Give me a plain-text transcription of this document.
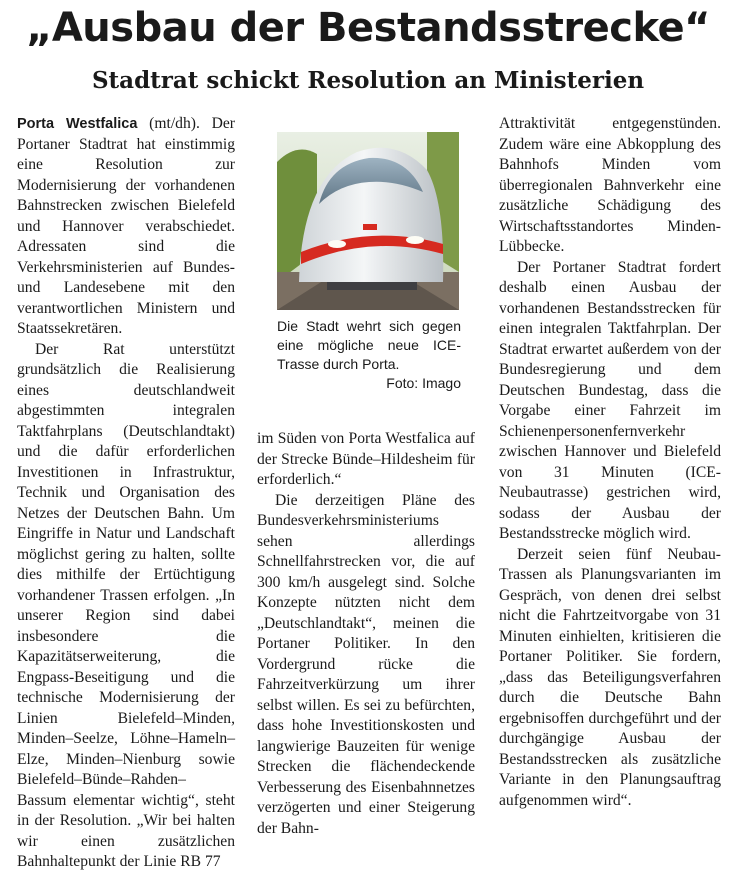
„Ausbau der Bestandsstrecke“
Stadtrat schickt Resolution an Ministerien

Porta Westfalica (mt/dh). Der Portaner Stadtrat hat einstimmig eine Resolution zur Modernisierung der vorhandenen Bahnstrecken zwischen Bielefeld und Hannover verabschiedet. Adressaten sind die Verkehrsministerien auf Bundes- und Landesebene mit den verantwortlichen Ministern und Staatssekretären.

Der Rat unterstützt grundsätzlich die Realisierung eines deutschlandweit abgestimmten integralen Taktfahrplans (Deutschlandtakt) und die dafür erforderlichen Investitionen in Infrastruktur, Technik und Organisation des Netzes der Deutschen Bahn. Um Eingriffe in Natur und Landschaft möglichst gering zu halten, sollte dies mithilfe der Ertüchtigung vorhandener Trassen erfolgen. „In unserer Region sind dabei insbesondere die Kapazitätserweiterung, die Engpass-Beseitigung und die technische Modernisierung der Linien Bielefeld–Minden, Minden–Seelze, Löhne–Hameln–Elze, Minden–Nienburg sowie Bielefeld–Bünde–Rahden–Bassum elementar wichtig“, steht in der Resolution. „Wir bei halten wir einen zusätzlichen Bahnhaltepunkt der Linie RB 77

Die Stadt wehrt sich gegen eine mögliche neue ICE-Trasse durch Porta.
Foto: Imago

im Süden von Porta Westfalica auf der Strecke Bünde–Hildesheim für erforderlich.“

Die derzeitigen Pläne des Bundesverkehrsministeriums sehen allerdings Schnellfahrstrecken vor, die auf 300 km/h ausgelegt sind. Solche Konzepte nützten nicht dem „Deutschlandtakt“, meinen die Portaner Politiker. In den Vordergrund rücke die Fahrzeitverkürzung um ihrer selbst willen. Es sei zu befürchten, dass hohe Investitionskosten und langwierige Bauzeiten für wenige Strecken die flächendeckende Verbesserung des Eisenbahnnetzes verzögerten und einer Steigerung der Bahn-

Attraktivität entgegenstünden. Zudem wäre eine Abkopplung des Bahnhofs Minden vom überregionalen Bahnverkehr eine zusätzliche Schädigung des Wirtschaftsstandortes Minden-Lübbecke.

Der Portaner Stadtrat fordert deshalb einen Ausbau der vorhandenen Bestandsstrecken für einen integralen Taktfahrplan. Der Stadtrat erwartet außerdem von der Bundesregierung und dem Deutschen Bundestag, dass die Vorgabe einer Fahrzeit im Schienenpersonenfernverkehr zwischen Hannover und Bielefeld von 31 Minuten (ICE-Neubautrasse) gestrichen wird, sodass der Ausbau der Bestandsstrecke möglich wird.

Derzeit seien fünf Neubau-Trassen als Planungsvarianten im Gespräch, von denen drei selbst nicht die Fahrtzeitvorgabe von 31 Minuten einhielten, kritisieren die Portaner Politiker. Sie fordern, „dass das Beteiligungsverfahren durch die Deutsche Bahn ergebnisoffen durchgeführt und der durchgängige Ausbau der Bestandsstrecken als zusätzliche Variante in den Planungsauftrag aufgenommen wird“.
